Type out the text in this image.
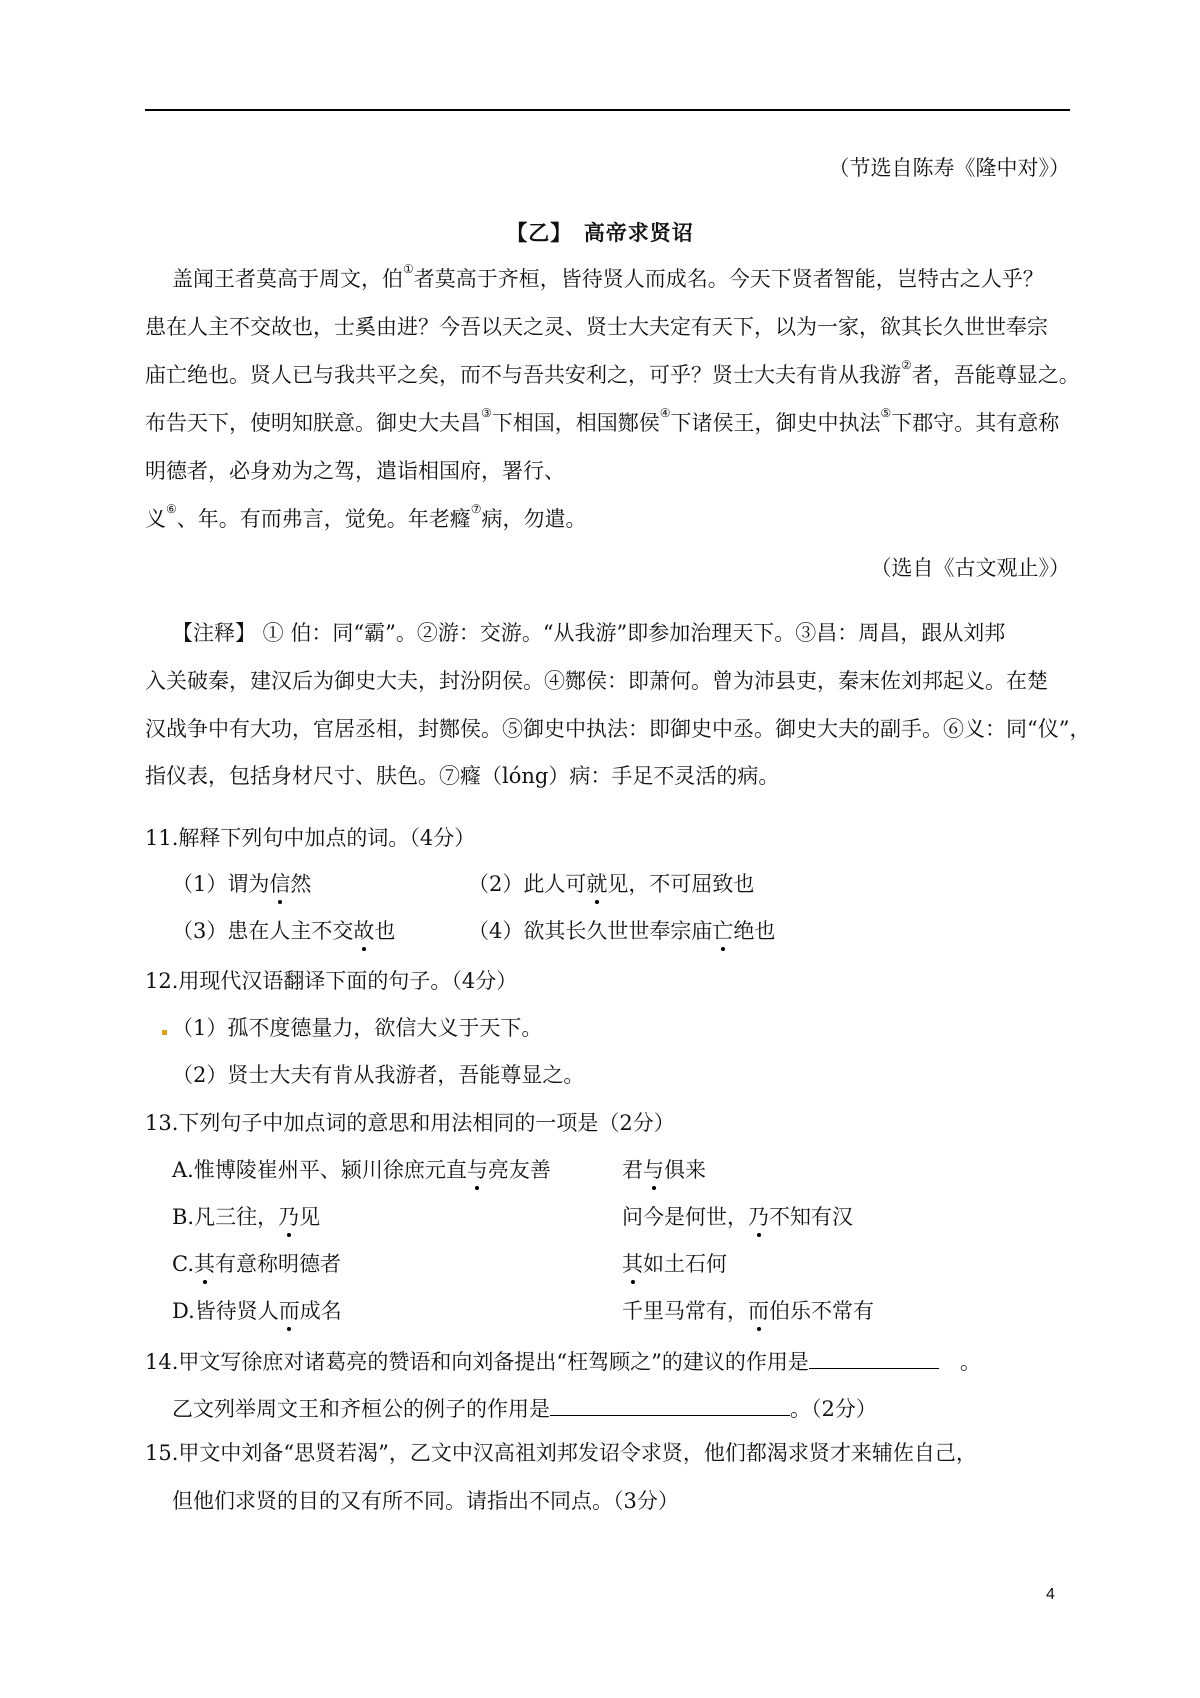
（节选自陈寿《隆中对》）
【乙】　高帝求贤诏
盖闻王者莫高于周文，伯①者莫高于齐桓，皆待贤人而成名。今天下贤者智能，岂特古之人乎？
患在人主不交故也，士奚由进？今吾以天之灵、贤士大夫定有天下，以为一家，欲其长久世世奉宗
庙亡绝也。贤人已与我共平之矣，而不与吾共安利之，可乎？贤士大夫有肯从我游②者，吾能尊显之。
布告天下，使明知朕意。御史大夫昌③下相国，相国酂侯④下诸侯王，御史中执法⑤下郡守。其有意称
明德者，必身劝为之驾，遣诣相国府，署行、
义⑥、年。有而弗言，觉免。年老癃⑦病，勿遣。
（选自《古文观止》）
【注释】 ① 伯：同“霸”。②游：交游。“从我游”即参加治理天下。③昌：周昌，跟从刘邦
入关破秦，建汉后为御史大夫，封汾阴侯。④酂侯：即萧何。曾为沛县吏，秦末佐刘邦起义。在楚
汉战争中有大功，官居丞相，封酂侯。⑤御史中执法：即御史中丞。御史大夫的副手。⑥义：同“仪”，
指仪表，包括身材尺寸、肤色。⑦癃（lóng）病：手足不灵活的病。
11.解释下列句中加点的词。（4分）
（1）谓为信然	（2）此人可就见，不可屈致也
（3）患在人主不交故也	（4）欲其长久世世奉宗庙亡绝也
12.用现代汉语翻译下面的句子。（4分）
（1）孤不度德量力，欲信大义于天下。
（2）贤士大夫有肯从我游者，吾能尊显之。
13.下列句子中加点词的意思和用法相同的一项是（2分）
A.惟博陵崔州平、颍川徐庶元直与亮友善	君与俱来
B.凡三往，乃见	问今是何世，乃不知有汉
C.其有意称明德者	其如土石何
D.皆待贤人而成名	千里马常有，而伯乐不常有
14.甲文写徐庶对诸葛亮的赞语和向刘备提出“枉驾顾之”的建议的作用是　	。
乙文列举周文王和齐桓公的例子的作用是	。（2分）
15.甲文中刘备“思贤若渴”，乙文中汉高祖刘邦发诏令求贤，他们都渴求贤才来辅佐自己，
但他们求贤的目的又有所不同。请指出不同点。（3分）
4
